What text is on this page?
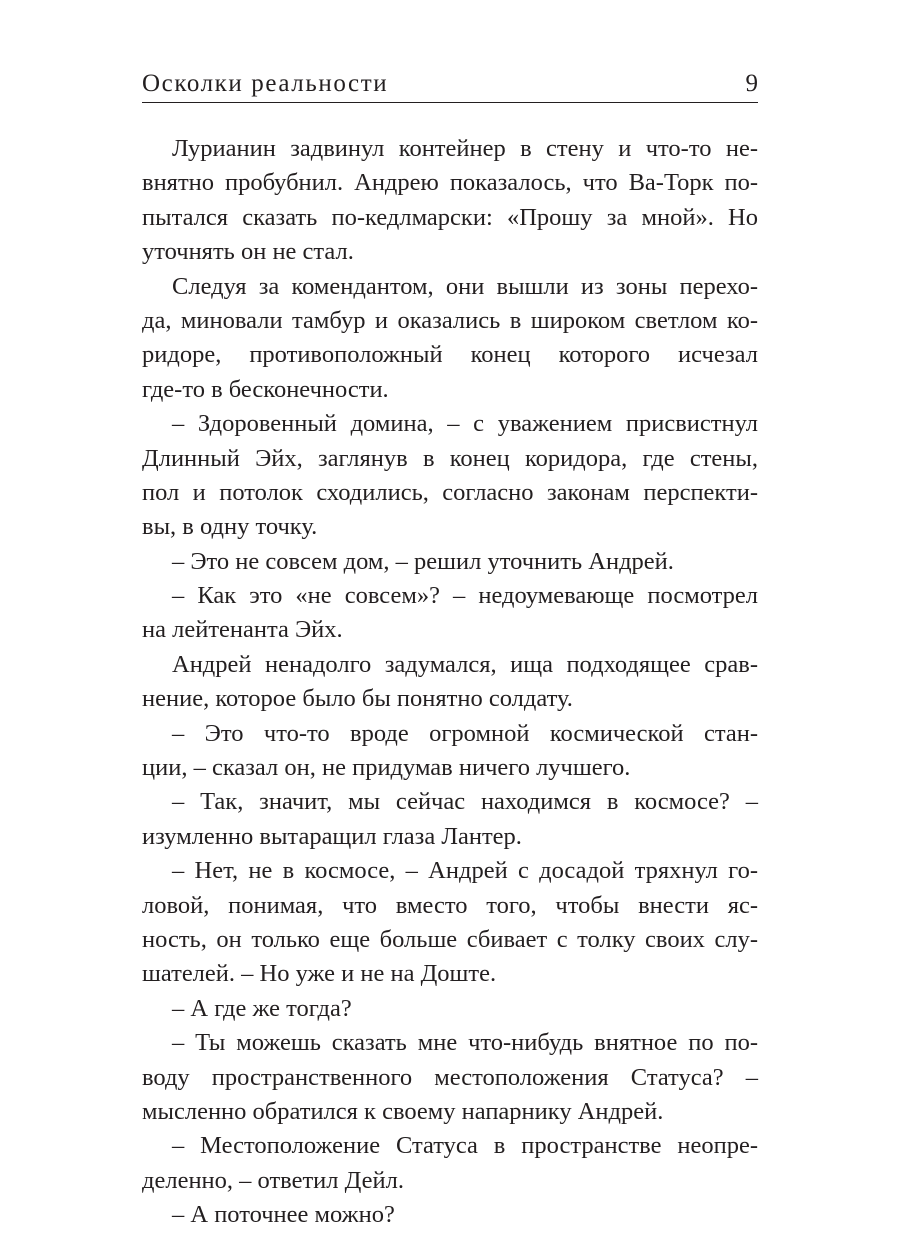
Осколки реальности	9
Лурианин задвинул контейнер в стену и что-то не-
внятно пробубнил. Андрею показалось, что Ва-Торк по-
пытался сказать по-кедлмарски: «Прошу за мной». Но
уточнять он не стал.
Следуя за комендантом, они вышли из зоны перехо-
да, миновали тамбур и оказались в широком светлом ко-
ридоре, противоположный конец которого исчезал
где-то в бесконечности.
– Здоровенный домина, – с уважением присвистнул
Длинный Эйх, заглянув в конец коридора, где стены,
пол и потолок сходились, согласно законам перспекти-
вы, в одну точку.
– Это не совсем дом, – решил уточнить Андрей.
– Как это «не совсем»? – недоумевающе посмотрел
на лейтенанта Эйх.
Андрей ненадолго задумался, ища подходящее срав-
нение, которое было бы понятно солдату.
– Это что-то вроде огромной космической стан-
ции, – сказал он, не придумав ничего лучшего.
– Так, значит, мы сейчас находимся в космосе? –
изумленно вытаращил глаза Лантер.
– Нет, не в космосе, – Андрей с досадой тряхнул го-
ловой, понимая, что вместо того, чтобы внести яс-
ность, он только еще больше сбивает с толку своих слу-
шателей. – Но уже и не на Доште.
– А где же тогда?
– Ты можешь сказать мне что-нибудь внятное по по-
воду пространственного местоположения Статуса? –
мысленно обратился к своему напарнику Андрей.
– Местоположение Статуса в пространстве неопре-
деленно, – ответил Дейл.
– А поточнее можно?
